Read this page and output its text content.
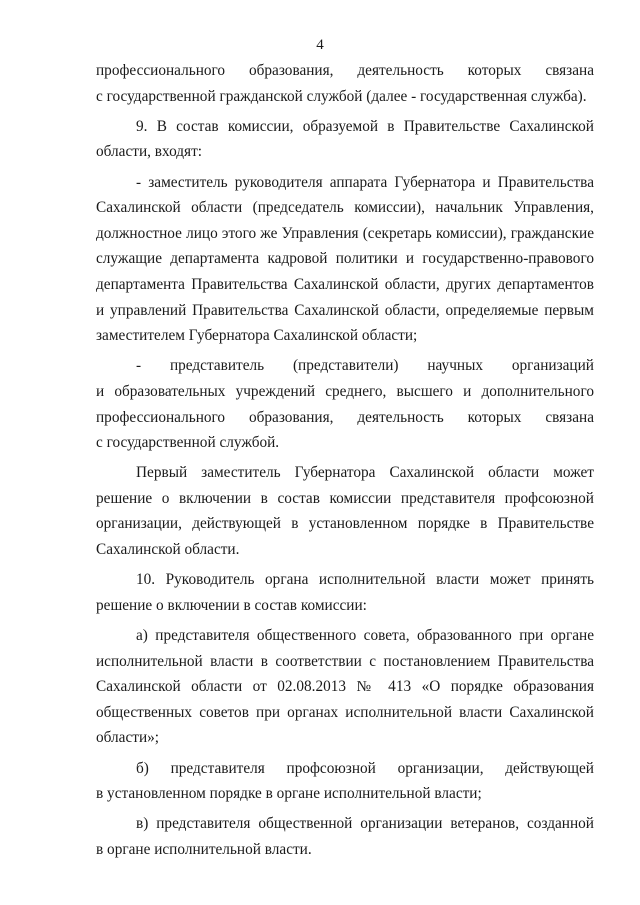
4
профессионального образования, деятельность которых связана
с государственной гражданской службой (далее - государственная служба).
9. В состав комиссии, образуемой в Правительстве Сахалинской
области, входят:
- заместитель руководителя аппарата Губернатора и Правительства
Сахалинской области (председатель комиссии), начальник Управления,
должностное лицо этого же Управления (секретарь комиссии), гражданские
служащие департамента кадровой политики и государственно-правового
департамента Правительства Сахалинской области, других департаментов
и управлений Правительства Сахалинской области, определяемые первым
заместителем Губернатора Сахалинской области;
- представитель (представители) научных организаций
и образовательных учреждений среднего, высшего и дополнительного
профессионального образования, деятельность которых связана
с государственной службой.
Первый заместитель Губернатора Сахалинской области может
решение о включении в состав комиссии представителя профсоюзной
организации, действующей в установленном порядке в Правительстве
Сахалинской области.
10. Руководитель органа исполнительной власти может принять
решение о включении в состав комиссии:
а) представителя общественного совета, образованного при органе
исполнительной власти в соответствии с постановлением Правительства
Сахалинской области от 02.08.2013 № 413 «О порядке образования
общественных советов при органах исполнительной власти Сахалинской
области»;
б) представителя профсоюзной организации, действующей
в установленном порядке в органе исполнительной власти;
в) представителя общественной организации ветеранов, созданной
в органе исполнительной власти.
